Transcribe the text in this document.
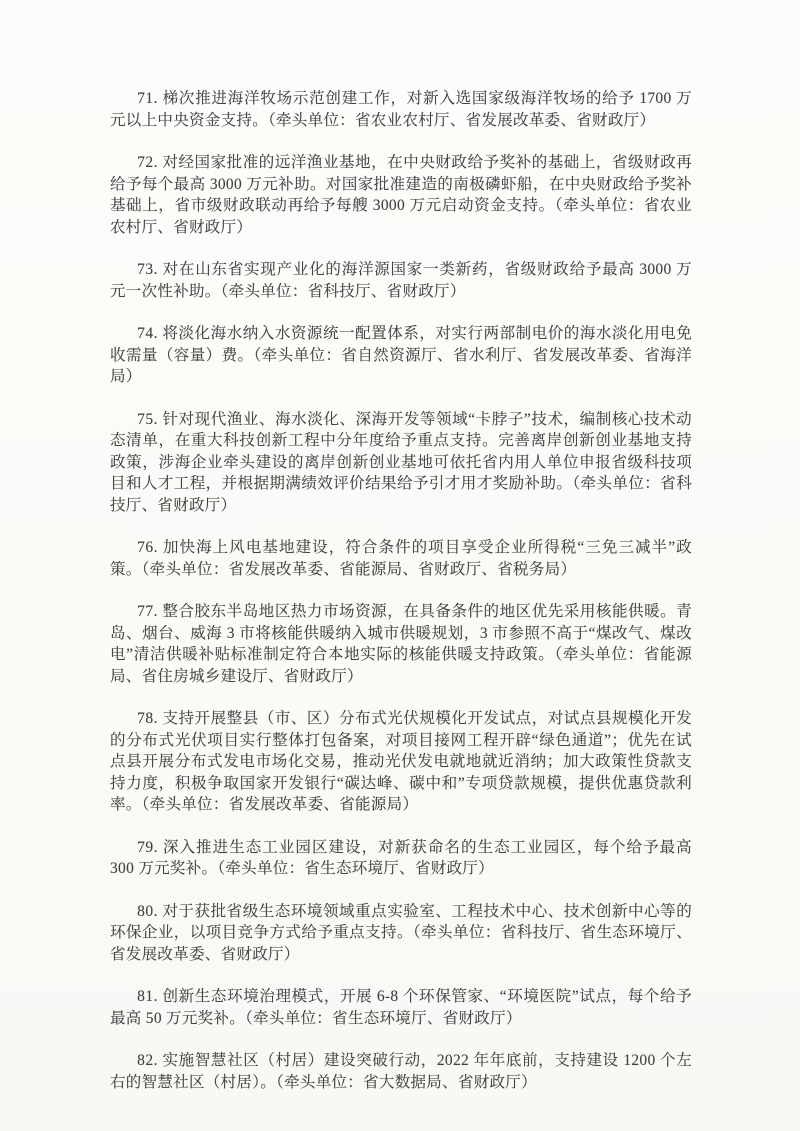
71. 梯次推进海洋牧场示范创建工作，对新入选国家级海洋牧场的给予 1700 万元以上中央资金支持。（牵头单位：省农业农村厅、省发展改革委、省财政厅）

72. 对经国家批准的远洋渔业基地，在中央财政给予奖补的基础上，省级财政再给予每个最高 3000 万元补助。对国家批准建造的南极磷虾船，在中央财政给予奖补基础上，省市级财政联动再给予每艘 3000 万元启动资金支持。（牵头单位：省农业农村厅、省财政厅）

73. 对在山东省实现产业化的海洋源国家一类新药，省级财政给予最高 3000 万元一次性补助。（牵头单位：省科技厅、省财政厅）

74. 将淡化海水纳入水资源统一配置体系，对实行两部制电价的海水淡化用电免收需量（容量）费。（牵头单位：省自然资源厅、省水利厅、省发展改革委、省海洋局）

75. 针对现代渔业、海水淡化、深海开发等领域“卡脖子”技术，编制核心技术动态清单，在重大科技创新工程中分年度给予重点支持。完善离岸创新创业基地支持政策，涉海企业牵头建设的离岸创新创业基地可依托省内用人单位申报省级科技项目和人才工程，并根据期满绩效评价结果给予引才用才奖励补助。（牵头单位：省科技厅、省财政厅）

76. 加快海上风电基地建设，符合条件的项目享受企业所得税“三免三减半”政策。（牵头单位：省发展改革委、省能源局、省财政厅、省税务局）

77. 整合胶东半岛地区热力市场资源，在具备条件的地区优先采用核能供暖。青岛、烟台、威海 3 市将核能供暖纳入城市供暖规划，3 市参照不高于“煤改气、煤改电”清洁供暖补贴标准制定符合本地实际的核能供暖支持政策。（牵头单位：省能源局、省住房城乡建设厅、省财政厅）

78. 支持开展整县（市、区）分布式光伏规模化开发试点，对试点县规模化开发的分布式光伏项目实行整体打包备案，对项目接网工程开辟“绿色通道”；优先在试点县开展分布式发电市场化交易，推动光伏发电就地就近消纳；加大政策性贷款支持力度，积极争取国家开发银行“碳达峰、碳中和”专项贷款规模，提供优惠贷款利率。（牵头单位：省发展改革委、省能源局）

79. 深入推进生态工业园区建设，对新获命名的生态工业园区，每个给予最高 300 万元奖补。（牵头单位：省生态环境厅、省财政厅）

80. 对于获批省级生态环境领域重点实验室、工程技术中心、技术创新中心等的环保企业，以项目竞争方式给予重点支持。（牵头单位：省科技厅、省生态环境厅、省发展改革委、省财政厅）

81. 创新生态环境治理模式，开展 6-8 个环保管家、“环境医院”试点，每个给予最高 50 万元奖补。（牵头单位：省生态环境厅、省财政厅）

82. 实施智慧社区（村居）建设突破行动，2022 年年底前，支持建设 1200 个左右的智慧社区（村居）。（牵头单位：省大数据局、省财政厅）
